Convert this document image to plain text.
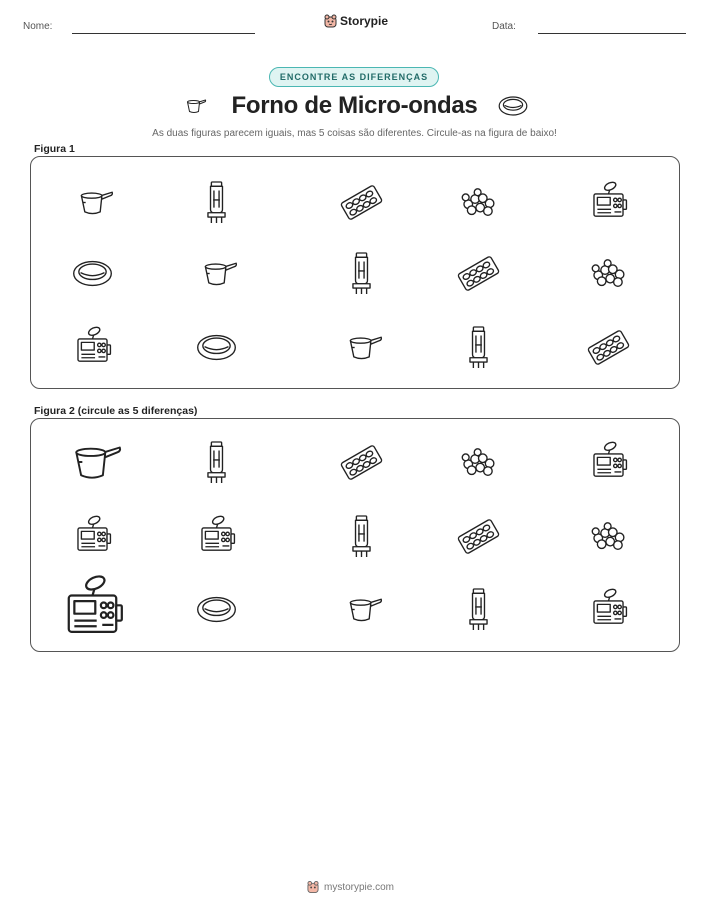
Nome:	Storypie	Data:
ENCONTRE AS DIFERENÇAS
Forno de Micro-ondas
As duas figuras parecem iguais, mas 5 coisas são diferentes. Circule-as na figura de baixo!
Figura 1
Figura 2 (circule as 5 diferenças)
mystorypie.com
